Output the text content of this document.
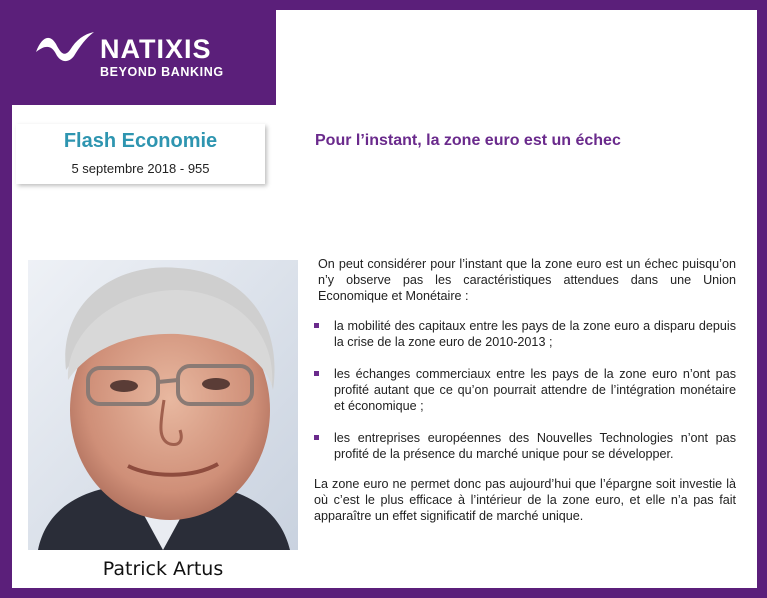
NATIXIS
BEYOND BANKING
Flash Economie
5 septembre 2018 - 955
Pour l’instant, la zone euro est un échec
Patrick Artus

On peut considérer pour l’instant que la zone euro est un échec puisqu’on n’y observe pas les caractéristiques attendues dans une Union Economique et Monétaire :

la mobilité des capitaux entre les pays de la zone euro a disparu depuis la crise de la zone euro de 2010-2013 ;
les échanges commerciaux entre les pays de la zone euro n’ont pas profité autant que ce qu’on pourrait attendre de l’intégration monétaire et économique ;
les entreprises européennes des Nouvelles Technologies n’ont pas profité de la présence du marché unique pour se développer.

La zone euro ne permet donc pas aujourd’hui que l’épargne soit investie là où c’est le plus efficace à l’intérieur de la zone euro, et elle n’a pas fait apparaître un effet significatif de marché unique.
